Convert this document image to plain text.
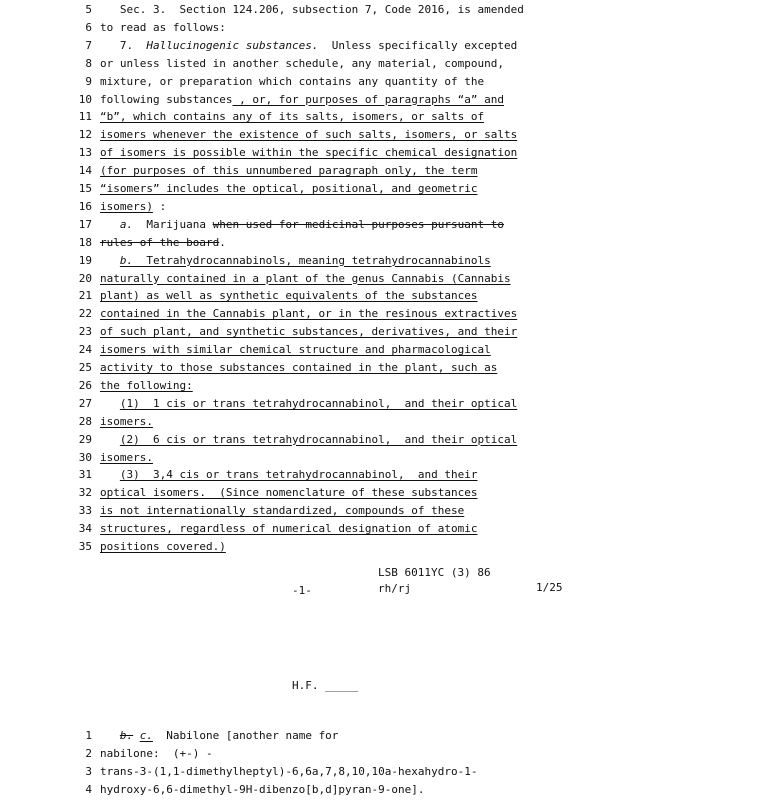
5 Sec. 3.  Section 124.206, subsection 7, Code 2016, is amended
6 to read as follows:
7 7.  Hallucinogenic substances.  Unless specifically excepted
8 or unless listed in another schedule, any material, compound,
9 mixture, or preparation which contains any quantity of the
10 following substances , or, for purposes of paragraphs “a” and
11 “b”, which contains any of its salts, isomers, or salts of
12 isomers whenever the existence of such salts, isomers, or salts
13 of isomers is possible within the specific chemical designation
14 (for purposes of this unnumbered paragraph only, the term
15 “isomers” includes the optical, positional, and geometric
16 isomers) :
17	a.  Marijuana when used for medicinal purposes pursuant to
18 rules of the board.
19	b.  Tetrahydrocannabinols, meaning tetrahydrocannabinols
20 naturally contained in a plant of the genus Cannabis (Cannabis
21 plant) as well as synthetic equivalents of the substances
22 contained in the Cannabis plant, or in the resinous extractives
23 of such plant, and synthetic substances, derivatives, and their
24 isomers with similar chemical structure and pharmacological
25 activity to those substances contained in the plant, such as
26 the following:
27	(1)  1 cis or trans tetrahydrocannabinol,  and their optical
28 isomers.
29	(2)  6 cis or trans tetrahydrocannabinol,  and their optical
30 isomers.
31	(3)  3,4 cis or trans tetrahydrocannabinol,  and their
32 optical isomers.  (Since nomenclature of these substances
33 is not internationally standardized, compounds of these
34 structures, regardless of numerical designation of atomic
35 positions covered.)
LSB 6011YC (3) 86
rh/rj
-1-	1/25
H.F. _____
1	b. c.  Nabilone [another name for
2 nabilone:  (+-) -
3 trans-3-(1,1-dimethylheptyl)-6,6a,7,8,10,10a-hexahydro-1-
4 hydroxy-6,6-dimethyl-9H-dibenzo[b,d]pyran-9-one].
